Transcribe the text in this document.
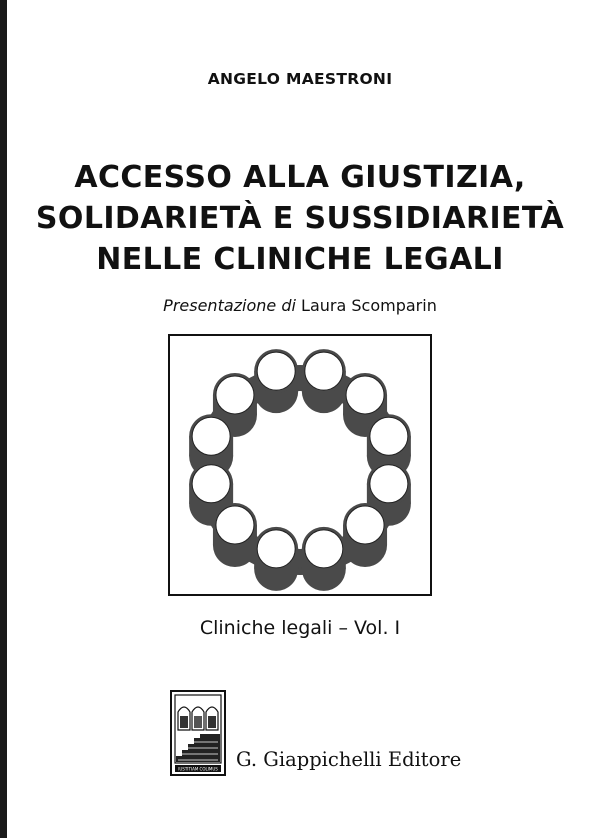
ANGELO MAESTRONI
ACCESSO ALLA GIUSTIZIA,
SOLIDARIETÀ E SUSSIDIARIETÀ
NELLE CLINICHE LEGALI
Presentazione di Laura Scomparin
Cliniche legali – Vol. I
IUSTITIAM COLIMUS G. Giappichelli Editore
